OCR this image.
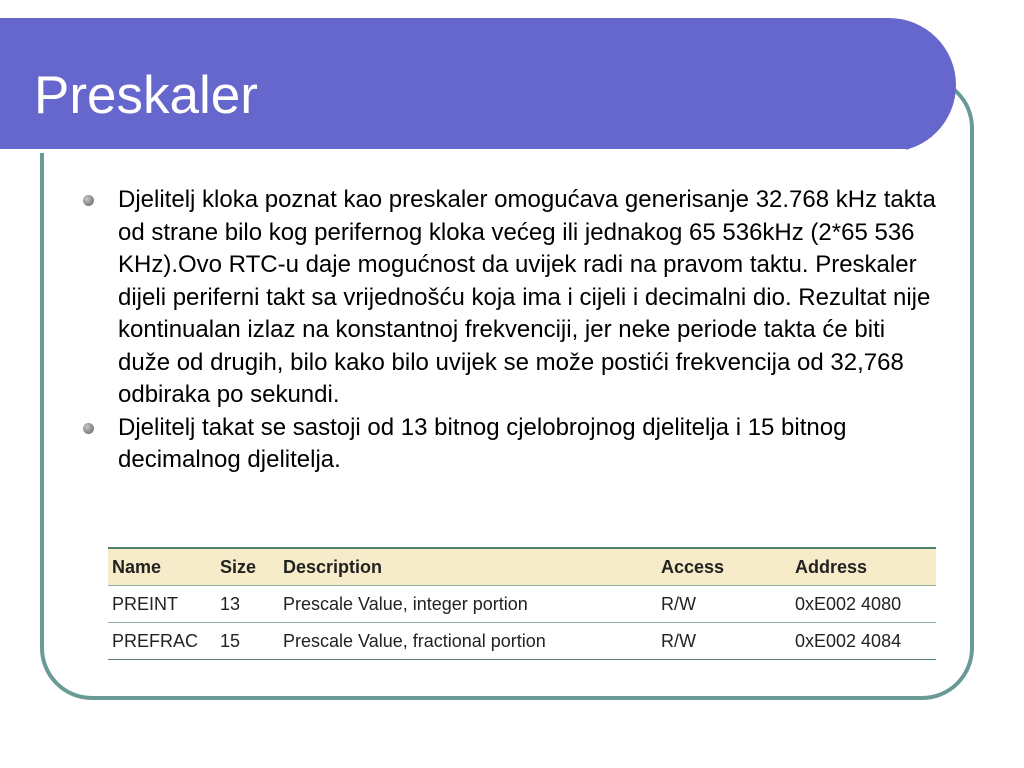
Preskaler
Djelitelj kloka poznat kao preskaler omogućava generisanje 32.768 kHz takta od strane bilo kog perifernog kloka većeg ili jednakog 65 536kHz (2*65 536 KHz).Ovo RTC-u daje mogućnost da uvijek radi na pravom taktu. Preskaler dijeli periferni takt sa vrijednošću koja ima i cijeli i decimalni dio. Rezultat nije kontinualan izlaz na konstantnoj frekvenciji, jer neke periode takta će biti duže od drugih, bilo kako bilo uvijek se može postići frekvencija od 32,768 odbiraka po sekundi.
Djelitelj takat se sastoji od 13 bitnog cjelobrojnog djelitelja i 15 bitnog decimalnog djelitelja.
Name	Size	Description	Access	Address
PREINT	13	Prescale Value, integer portion	R/W	0xE002 4080
PREFRAC	15	Prescale Value, fractional portion	R/W	0xE002 4084
